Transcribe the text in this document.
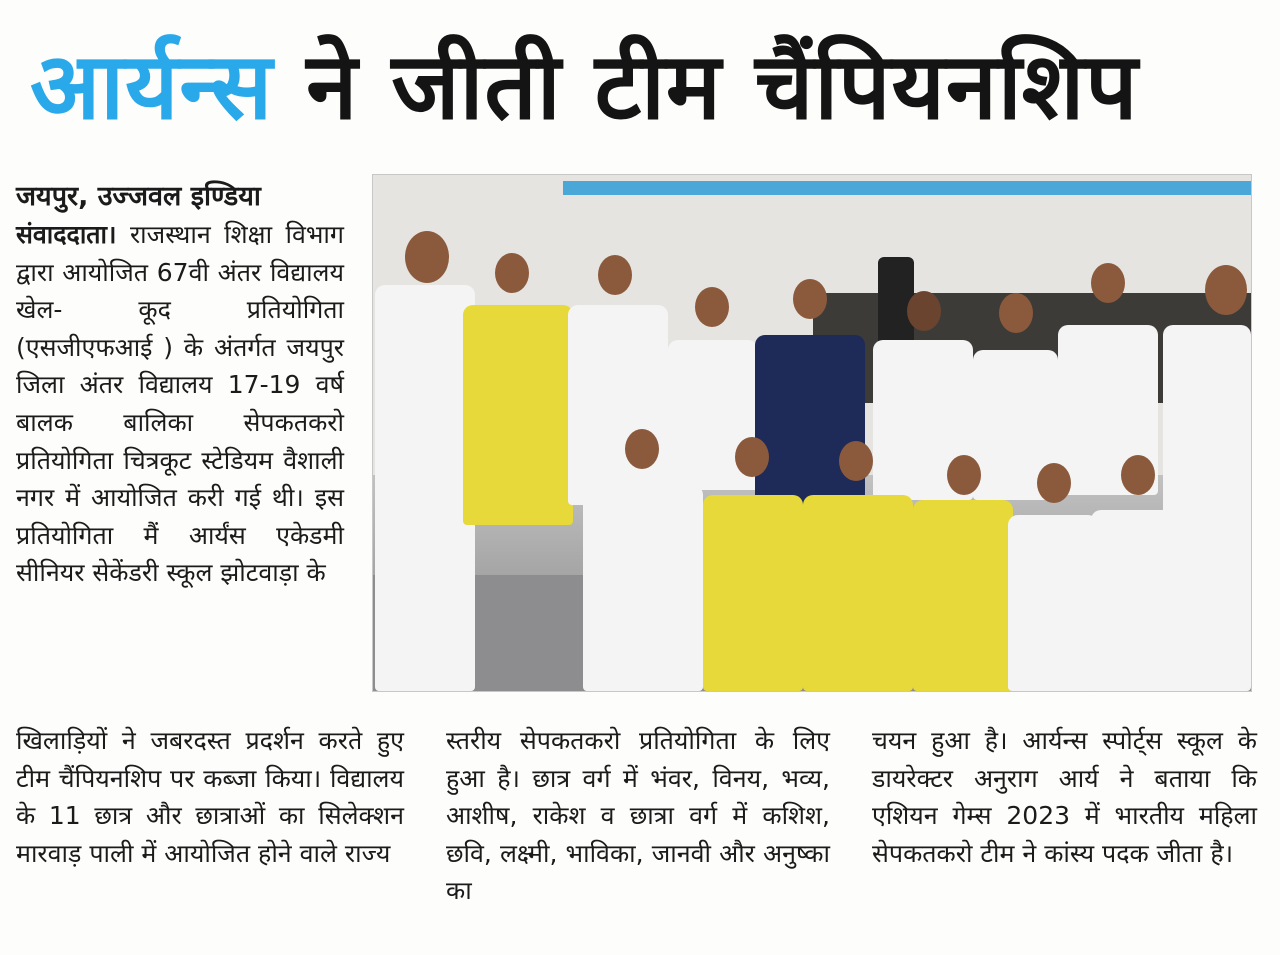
आर्यन्स ने जीती टीम चैंपियनशिप
जयपुर, उज्जवल इण्डिया
संवाददाता। राजस्थान शिक्षा विभाग द्वारा आयोजित 67वी अंतर विद्यालय खेल- कूद प्रतियोगिता (एसजीएफआई ) के अंतर्गत जयपुर जिला अंतर विद्यालय 17-19 वर्ष बालक बालिका सेपकतकरो प्रतियोगिता चित्रकूट स्टेडियम वैशाली नगर में आयोजित करी गई थी। इस प्रतियोगिता मैं आर्यंस एकेडमी सीनियर सेकेंडरी स्कूल झोटवाड़ा के
खिलाड़ियों ने जबरदस्त प्रदर्शन करते हुए टीम चैंपियनशिप पर कब्जा किया। विद्यालय के 11 छात्र और छात्राओं का सिलेक्शन मारवाड़ पाली में आयोजित होने वाले राज्य
स्तरीय सेपकतकरो प्रतियोगिता के लिए हुआ है। छात्र वर्ग में भंवर, विनय, भव्य, आशीष, राकेश व छात्रा वर्ग में कशिश, छवि, लक्ष्मी, भाविका, जानवी और अनुष्का का
चयन हुआ है। आर्यन्स स्पोर्ट्स स्कूल के डायरेक्टर अनुराग आर्य ने बताया कि एशियन गेम्स 2023 में भारतीय महिला सेपकतकरो टीम ने कांस्य पदक जीता है।
